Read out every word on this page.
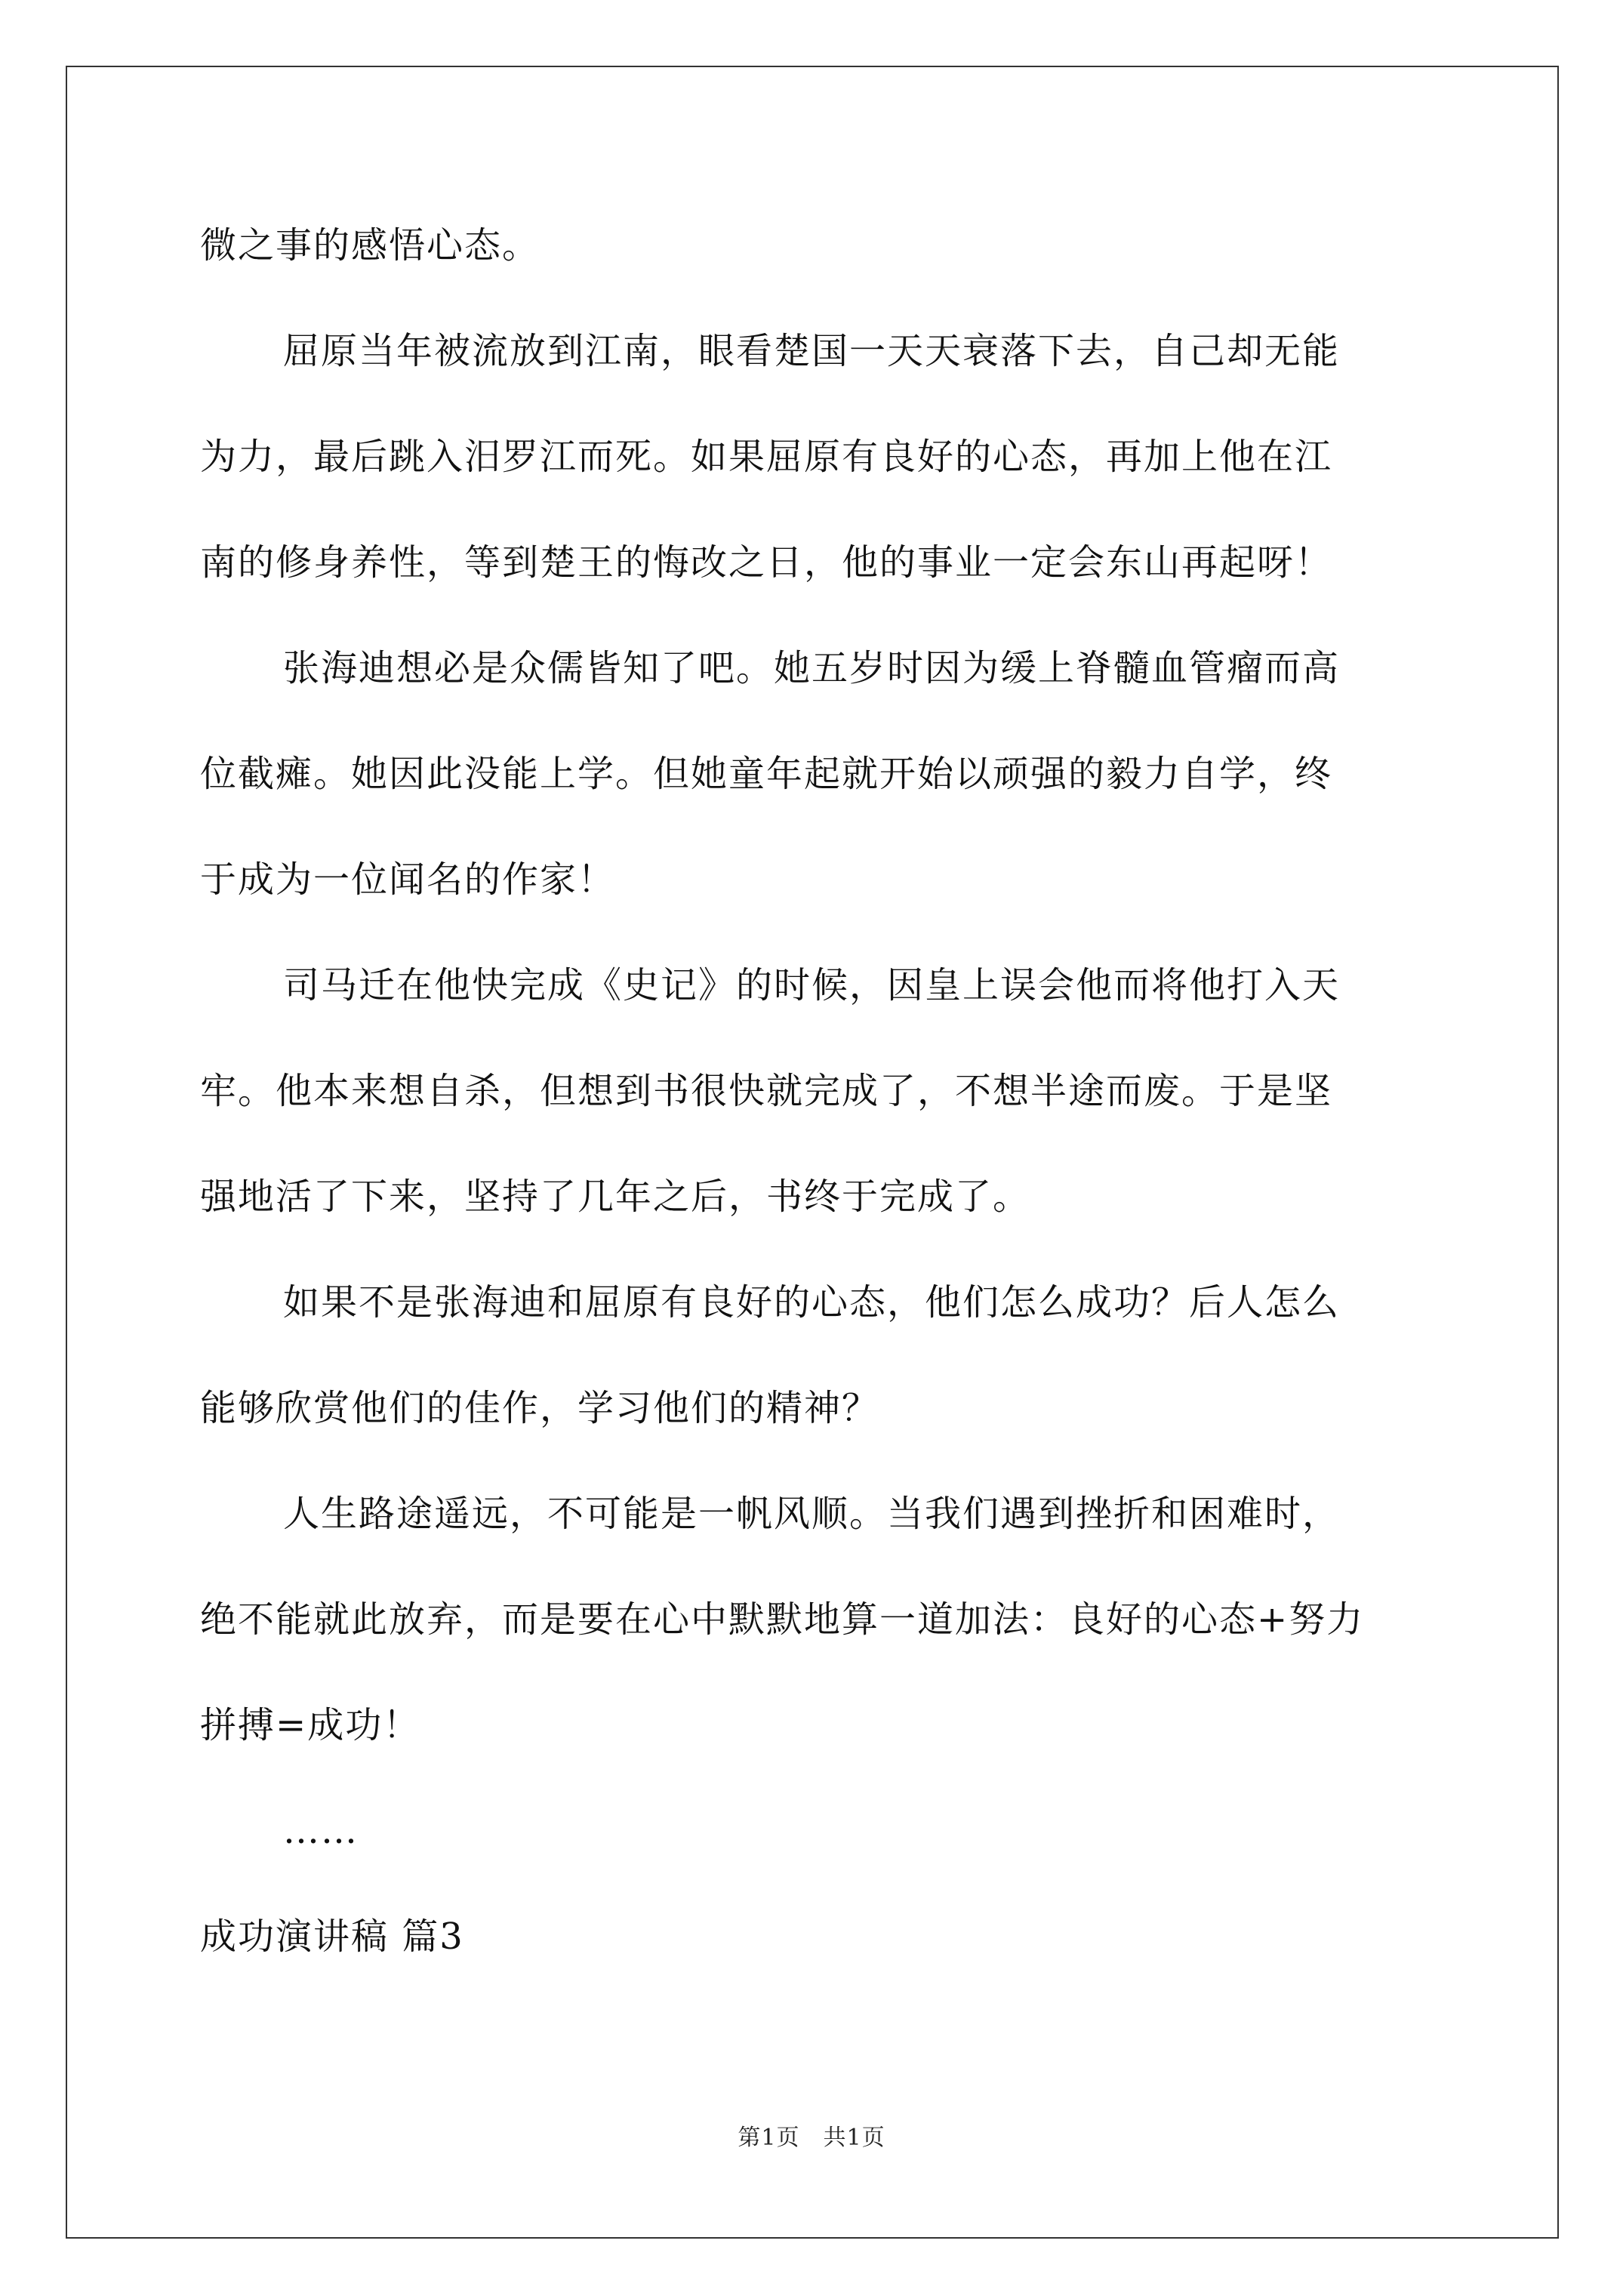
微之事的感悟心态。
屈原当年被流放到江南，眼看楚国一天天衰落下去，自己却无能
为力，最后跳入汨罗江而死。如果屈原有良好的心态，再加上他在江
南的修身养性，等到楚王的悔改之日，他的事业一定会东山再起呀！
张海迪想必是众儒皆知了吧。她五岁时因为缓上脊髓血管瘤而高
位截瘫。她因此没能上学。但她童年起就开始以顽强的毅力自学，终
于成为一位闻名的作家！
司马迁在他快完成《史记》的时候，因皇上误会他而将他打入天
牢。他本来想自杀，但想到书很快就完成了，不想半途而废。于是坚
强地活了下来，坚持了几年之后，书终于完成了。
如果不是张海迪和屈原有良好的心态，他们怎么成功？后人怎么
能够欣赏他们的佳作，学习他们的精神？
人生路途遥远，不可能是一帆风顺。当我们遇到挫折和困难时，
绝不能就此放弃，而是要在心中默默地算一道加法：良好的心态+努力
拼搏=成功！
……
成功演讲稿 篇3
第1页　共1页
